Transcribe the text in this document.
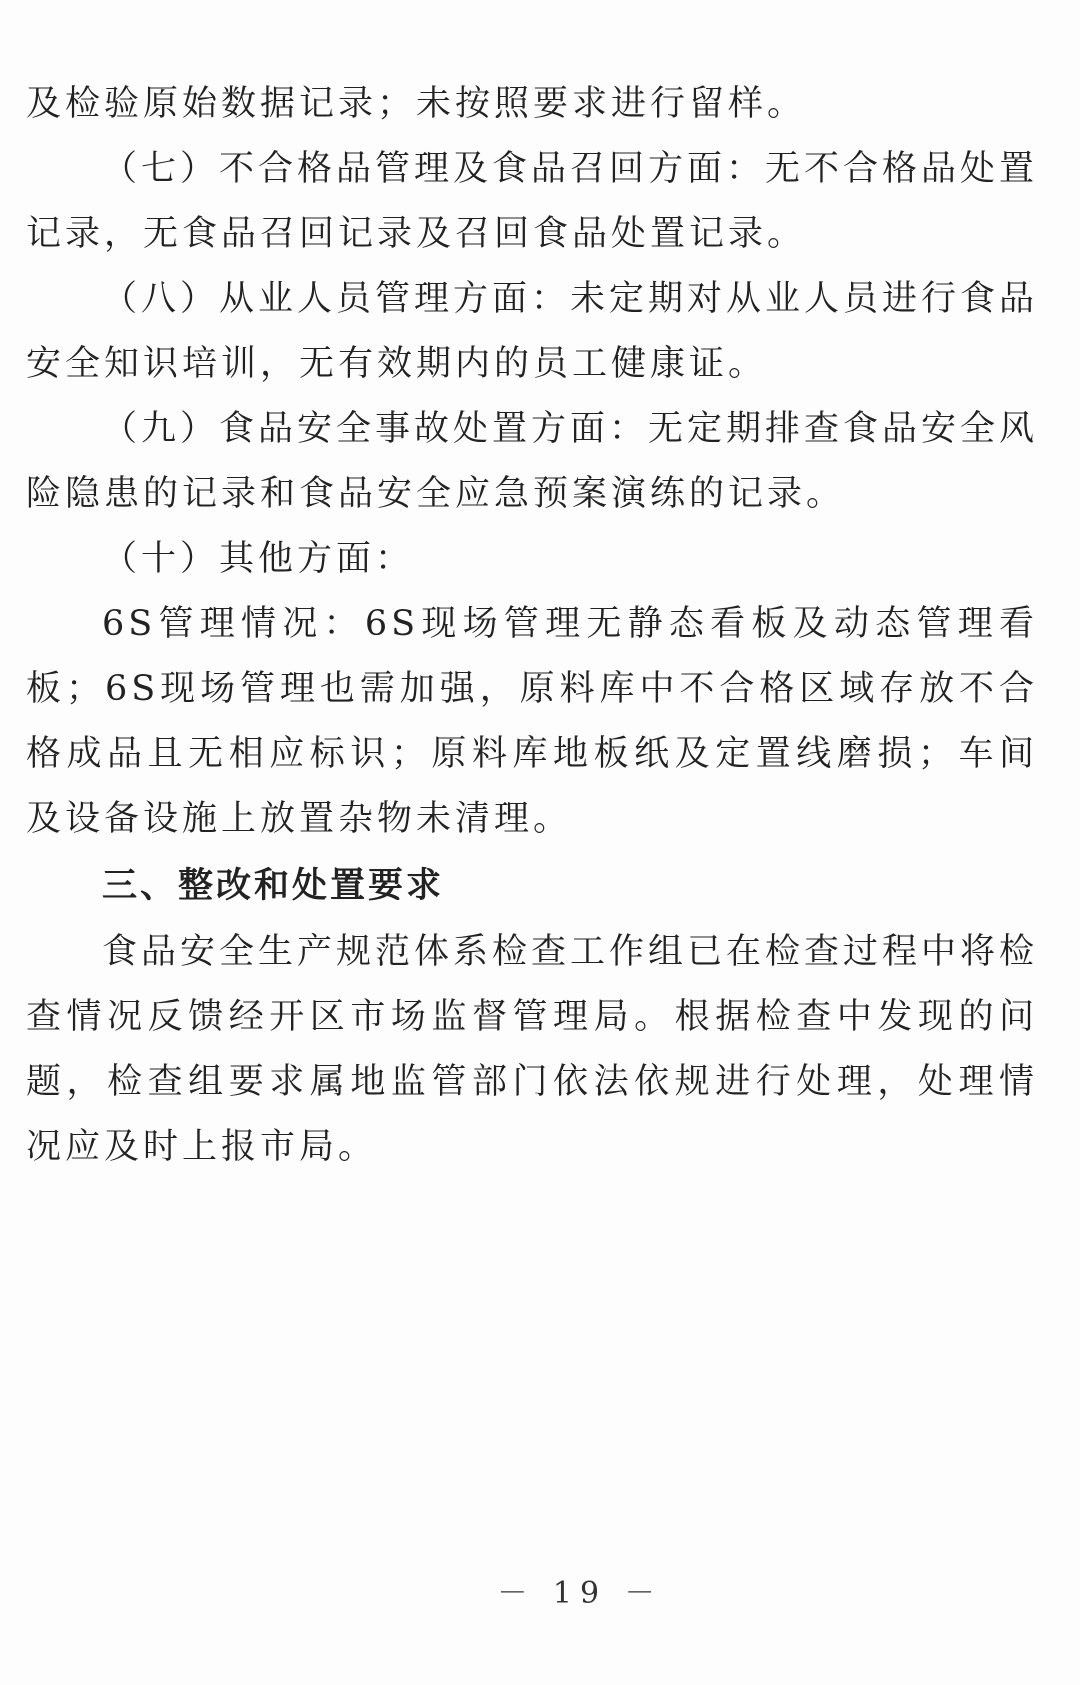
及检验原始数据记录；未按照要求进行留样。

（七）不合格品管理及食品召回方面：无不合格品处置记录，无食品召回记录及召回食品处置记录。

（八）从业人员管理方面：未定期对从业人员进行食品安全知识培训，无有效期内的员工健康证。

（九）食品安全事故处置方面：无定期排查食品安全风险隐患的记录和食品安全应急预案演练的记录。

（十）其他方面：

6S管理情况：6S现场管理无静态看板及动态管理看板；6S现场管理也需加强，原料库中不合格区域存放不合格成品且无相应标识；原料库地板纸及定置线磨损；车间及设备设施上放置杂物未清理。

三、整改和处置要求

食品安全生产规范体系检查工作组已在检查过程中将检查情况反馈经开区市场监督管理局。根据检查中发现的问题，检查组要求属地监管部门依法依规进行处理，处理情况应及时上报市局。

－ 19 －
